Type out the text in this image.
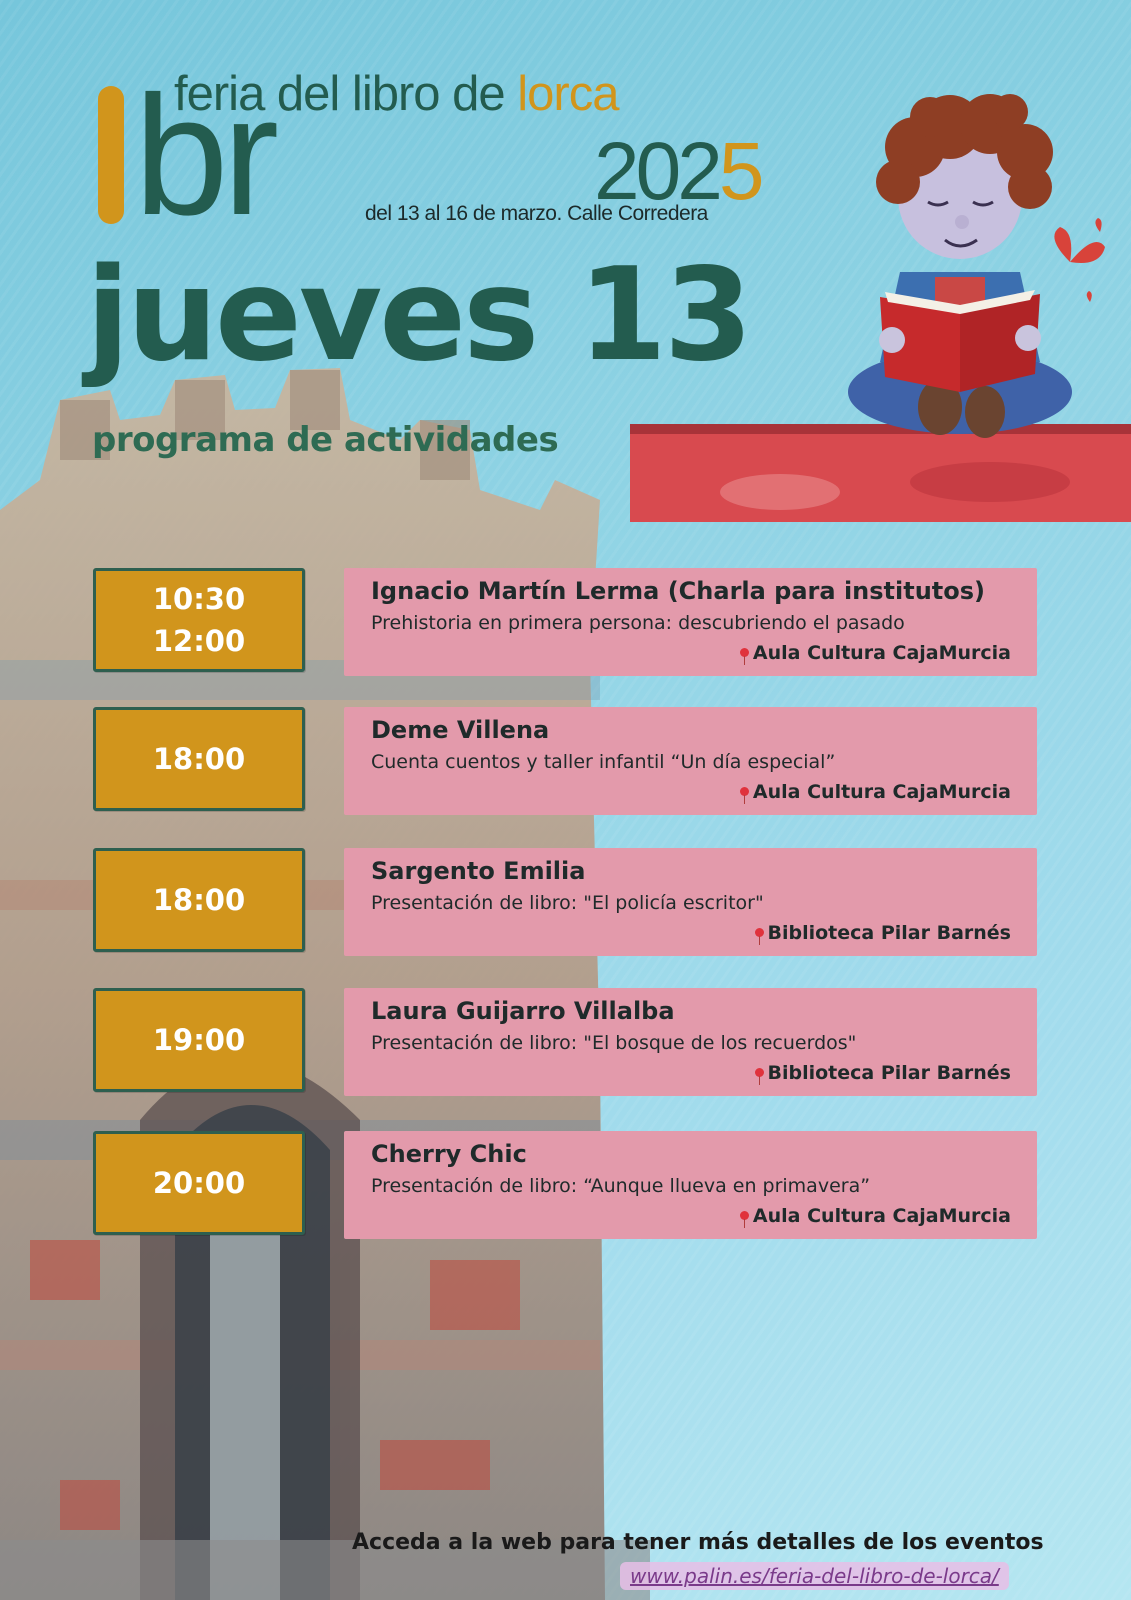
br
feria del libro de lorca
2025
del 13 al 16 de marzo. Calle Corredera
jueves 13
programa de actividades
10:30
12:00
Ignacio Martín Lerma (Charla para institutos)
Prehistoria en primera persona: descubriendo el pasado
Aula Cultura CajaMurcia
18:00
Deme Villena
Cuenta cuentos y taller infantil “Un día especial”
Aula Cultura CajaMurcia
18:00
Sargento Emilia
Presentación de libro: "El policía escritor"
Biblioteca Pilar Barnés
19:00
Laura Guijarro Villalba
Presentación de libro: "El bosque de los recuerdos"
Biblioteca Pilar Barnés
20:00
Cherry Chic
Presentación de libro: “Aunque llueva en primavera”
Aula Cultura CajaMurcia
Acceda a la web para tener más detalles de los eventos
www.palin.es/feria-del-libro-de-lorca/
